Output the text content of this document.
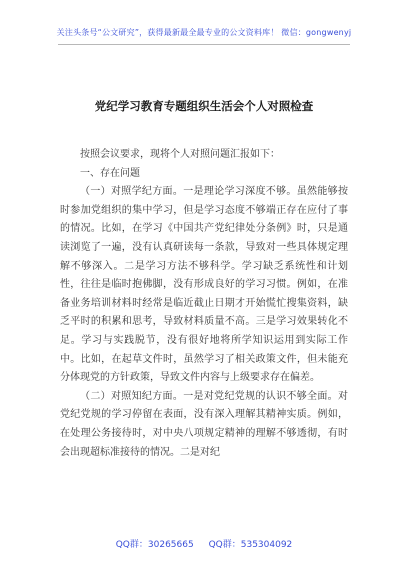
关注头条号“公文研究”，获得最新最全最专业的公文资料库！ 微信：gongwenyj
党纪学习教育专题组织生活会个人对照检查

按照会议要求，现将个人对照问题汇报如下：

一、存在问题

（一）对照学纪方面。一是理论学习深度不够。虽然能够按时参加党组织的集中学习，但是学习态度不够端正存在应付了事的情况。比如，在学习《中国共产党纪律处分条例》时，只是通读浏览了一遍，没有认真研读每一条款，导致对一些具体规定理解不够深入。二是学习方法不够科学。学习缺乏系统性和计划性，往往是临时抱佛脚，没有形成良好的学习习惯。例如，在准备业务培训材料时经常是临近截止日期才开始慌忙搜集资料，缺乏平时的积累和思考，导致材料质量不高。三是学习效果转化不足。学习与实践脱节，没有很好地将所学知识运用到实际工作中。比如，在起草文件时，虽然学习了相关政策文件，但未能充分体现党的方针政策，导致文件内容与上级要求存在偏差。

（二）对照知纪方面。一是对党纪党规的认识不够全面。对党纪党规的学习停留在表面，没有深入理解其精神实质。例如，在处理公务接待时，对中央八项规定精神的理解不够透彻，有时会出现超标准接待的情况。二是对纪

QQ群：30265665 QQ群：535304092
